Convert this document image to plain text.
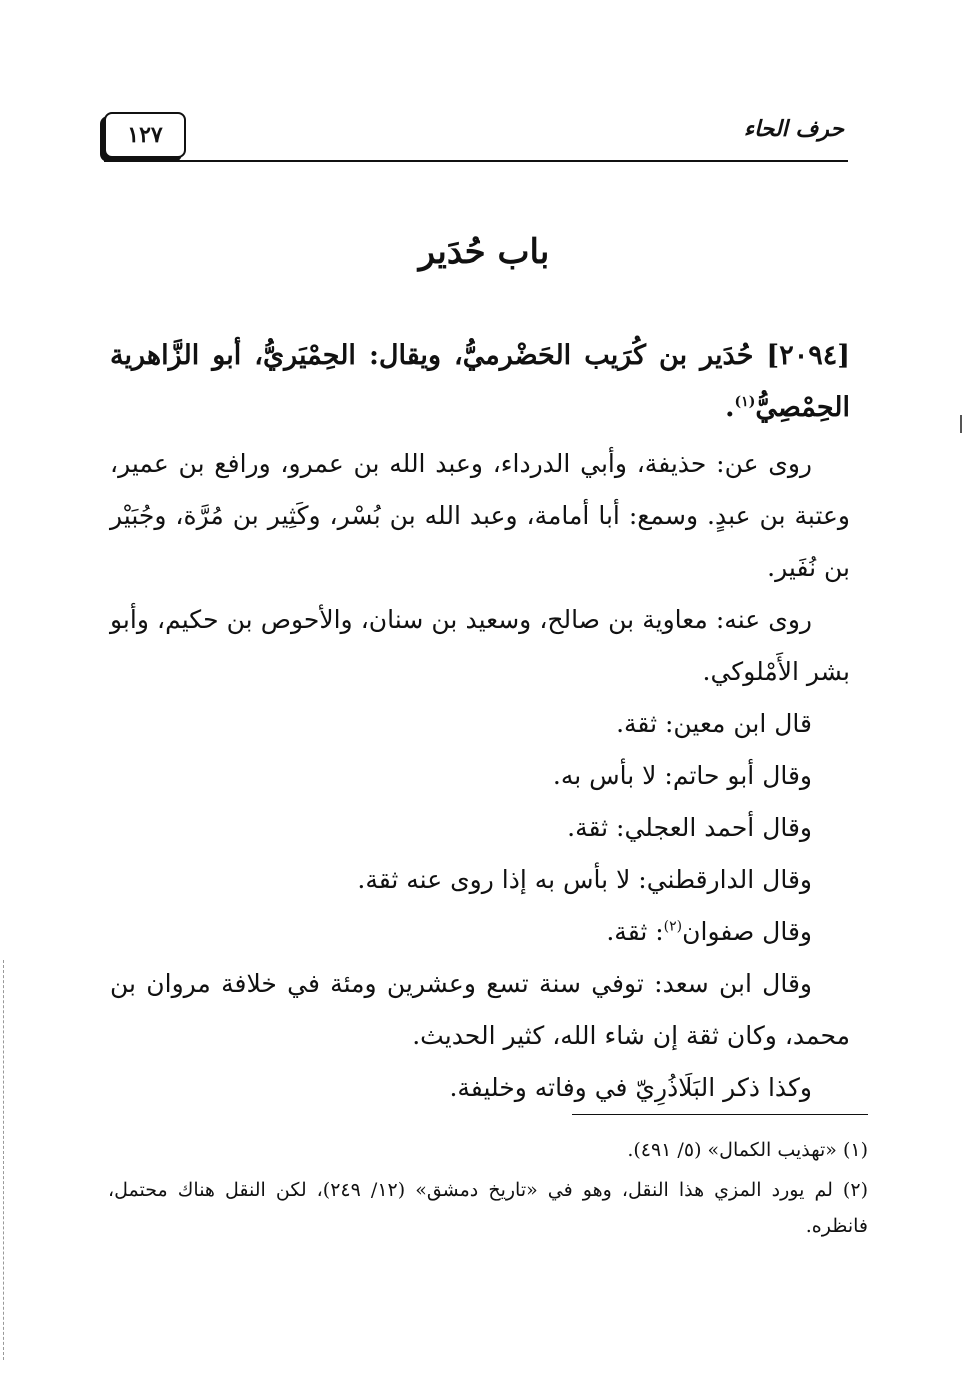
حرف الحاء
١٢٧
باب حُدَير

[٢٠٩٤] حُدَير بن كُرَيب الحَضْرميُّ، ويقال: الحِمْيَريُّ، أبو الزَّاهرية الحِمْصِيُّ$^{(١)}$.

روى عن: حذيفة، وأبي الدرداء، وعبد الله بن عمرو، ورافع بن عمير، وعتبة بن عبدٍ. وسمع: أبا أمامة، وعبد الله بن بُسْر، وكَثِير بن مُرَّة، وجُبَيْر بن نُفَير.

روى عنه: معاوية بن صالح، وسعيد بن سنان، والأحوص بن حكيم، وأبو بشر الأَمْلوكي.

قال ابن معين: ثقة.

وقال أبو حاتم: لا بأس به.

وقال أحمد العجلي: ثقة.

وقال الدارقطني: لا بأس به إذا روى عنه ثقة.

وقال صفوان$^{(٢)}$: ثقة.

وقال ابن سعد: توفي سنة تسع وعشرين ومئة في خلافة مروان بن محمد، وكان ثقة إن شاء الله، كثير الحديث.

وكذا ذكر البَلَاذُرِيّ في وفاته وخليفة.

(١) «تهذيب الكمال» (٥/ ٤٩١).

(٢) لم يورد المزي هذا النقل، وهو في «تاريخ دمشق» (١٢/ ٢٤٩)، لكن النقل هناك محتمل، فانظره.
